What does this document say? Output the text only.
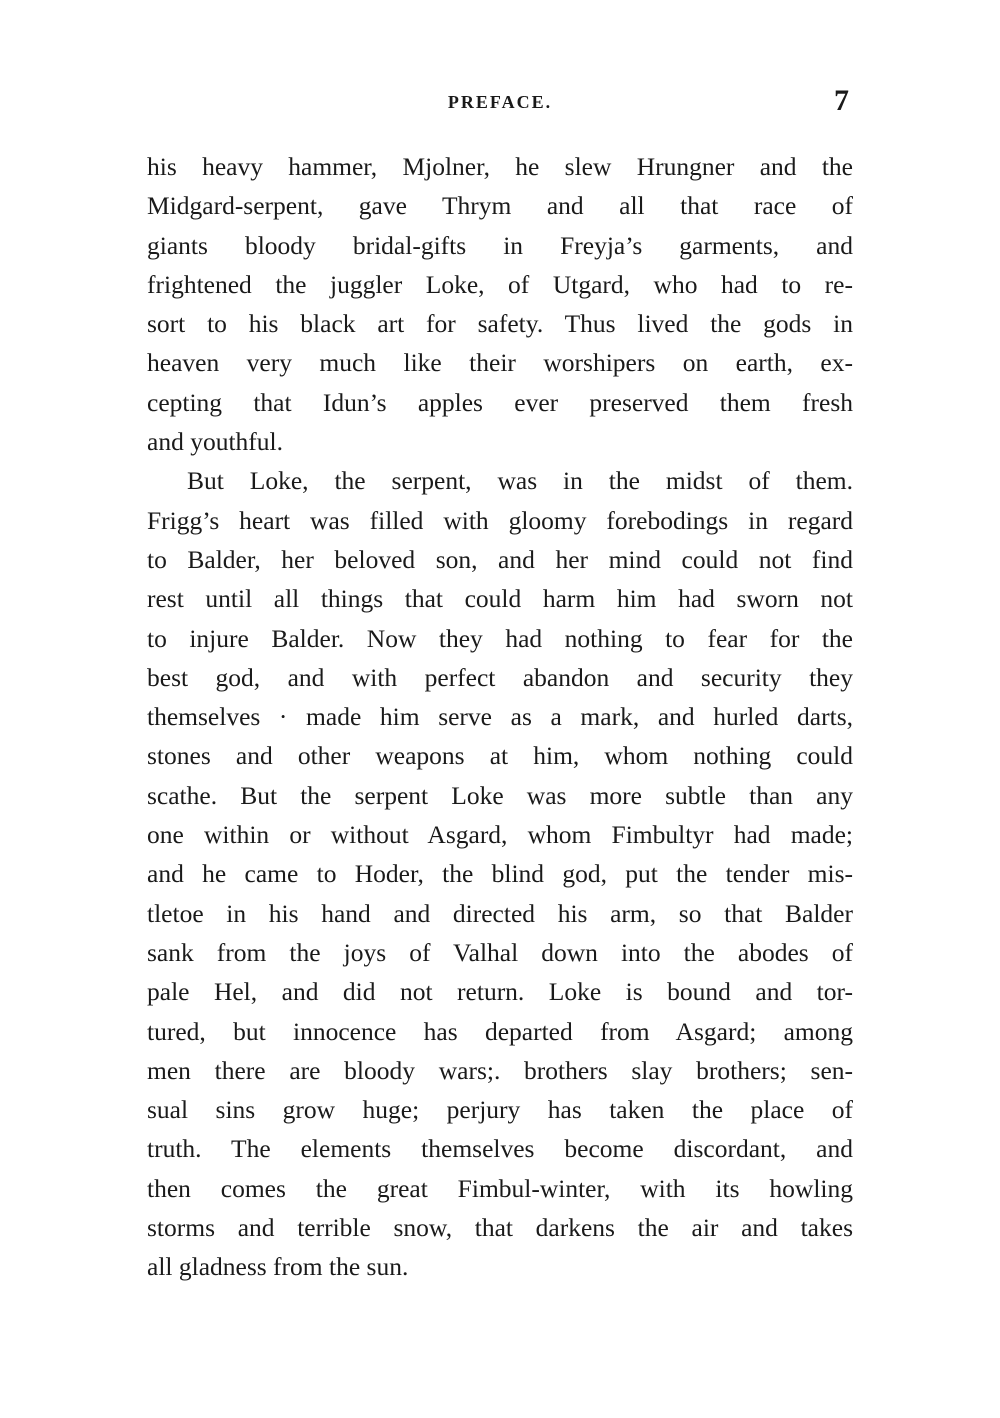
PREFACE.	7
his heavy hammer, Mjolner, he slew Hrungner and the
Midgard-serpent, gave Thrym and all that race of
giants bloody bridal-gifts in Freyja’s garments, and
frightened the juggler Loke, of Utgard, who had to re-
sort to his black art for safety. Thus lived the gods in
heaven very much like their worshipers on earth, ex-
cepting that Idun’s apples ever preserved them fresh
and youthful.
But Loke, the serpent, was in the midst of them.
Frigg’s heart was filled with gloomy forebodings in regard
to Balder, her beloved son, and her mind could not find
rest until all things that could harm him had sworn not
to injure Balder. Now they had nothing to fear for the
best god, and with perfect abandon and security they
themselves · made him serve as a mark, and hurled darts,
stones and other weapons at him, whom nothing could
scathe. But the serpent Loke was more subtle than any
one within or without Asgard, whom Fimbultyr had made;
and he came to Hoder, the blind god, put the tender mis-
tletoe in his hand and directed his arm, so that Balder
sank from the joys of Valhal down into the abodes of
pale Hel, and did not return. Loke is bound and tor-
tured, but innocence has departed from Asgard; among
men there are bloody wars;. brothers slay brothers; sen-
sual sins grow huge; perjury has taken the place of
truth. The elements themselves become discordant, and
then comes the great Fimbul-winter, with its howling
storms and terrible snow, that darkens the air and takes
all gladness from the sun.
